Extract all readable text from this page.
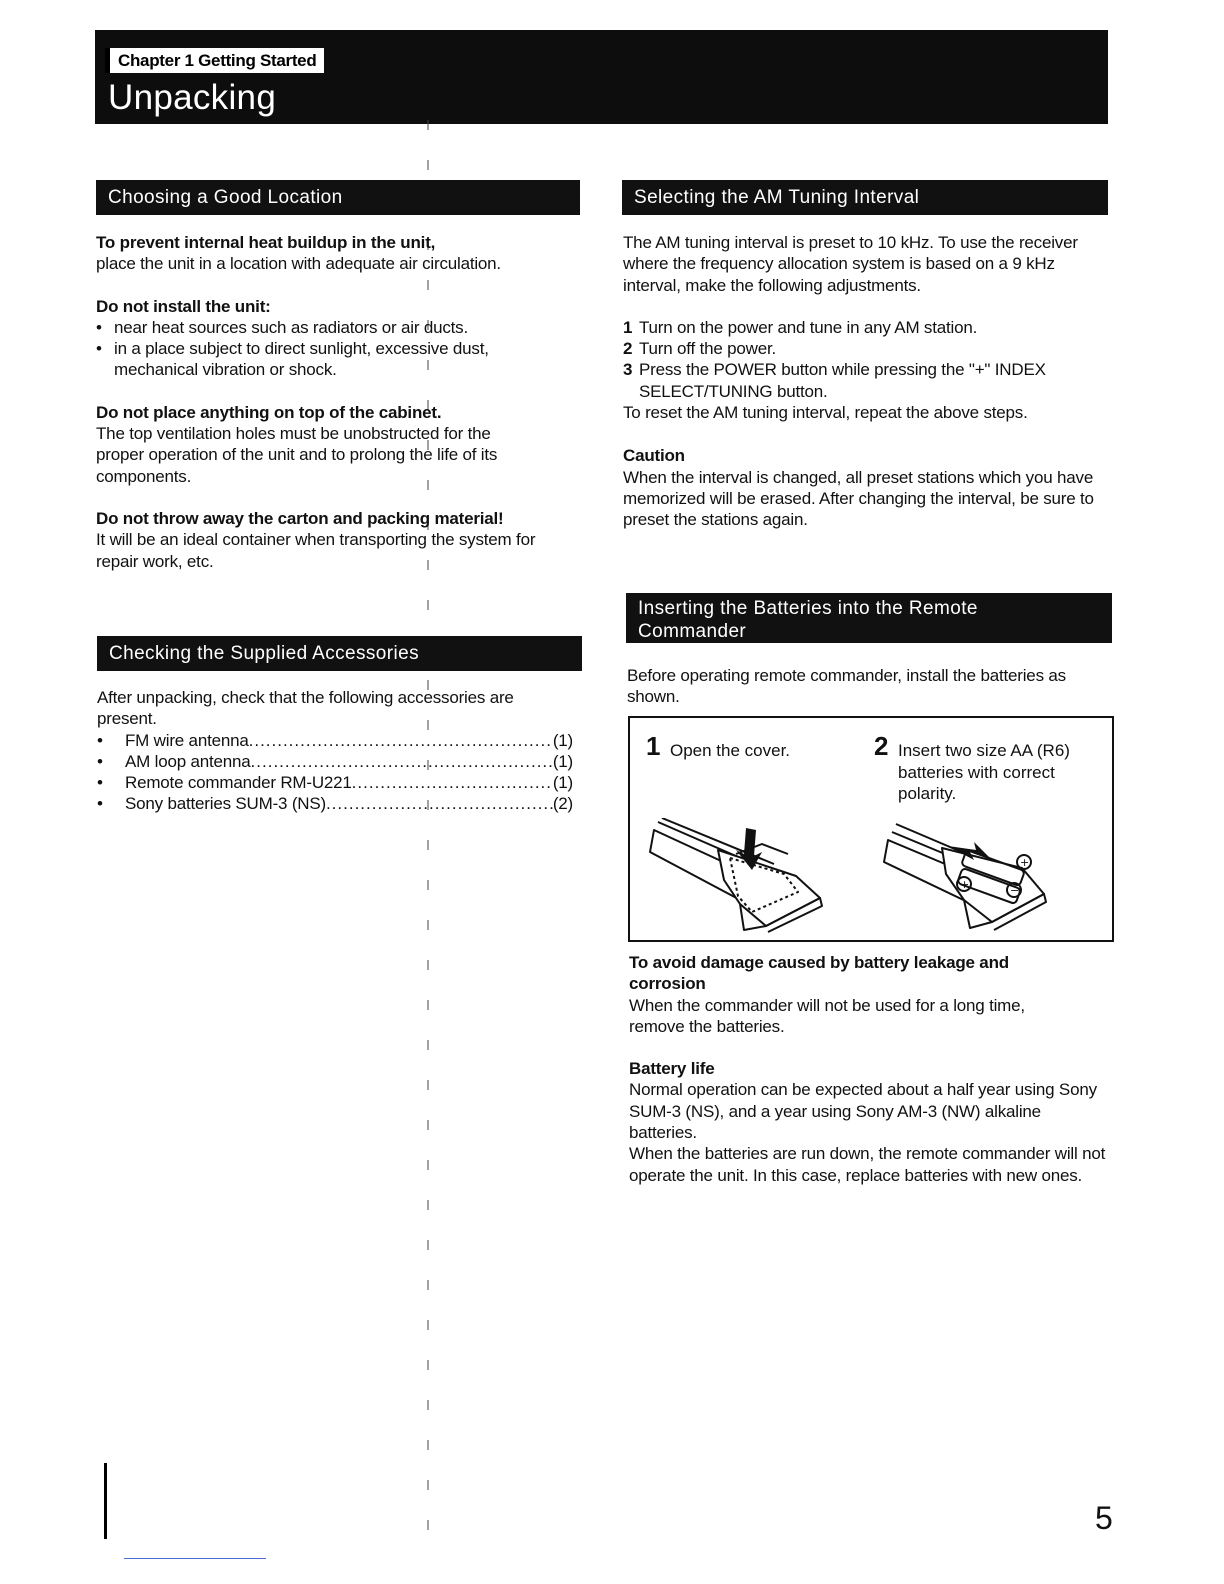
Chapter 1 Getting Started
Unpacking
Choosing a Good Location

To prevent internal heat buildup in the unit,

place the unit in a location with adequate air circulation.

Do not install the unit:

• near heat sources such as radiators or air ducts.
• in a place subject to direct sunlight, excessive dust, mechanical vibration or shock.

Do not place anything on top of the cabinet.

The top ventilation holes must be unobstructed for the proper operation of the unit and to prolong the life of its components.

Do not throw away the carton and packing material!

It will be an ideal container when transporting the system for repair work, etc.

Checking the Supplied Accessories

After unpacking, check that the following accessories are present.

•	FM wire antenna .....	(1)
•	AM loop antenna .....	(1)
•	Remote commander RM-U221 .....	(1)
•	Sony batteries SUM-3 (NS) .....	(2)
Selecting the AM Tuning Interval

The AM tuning interval is preset to 10 kHz. To use the receiver where the frequency allocation system is based on a 9 kHz interval, make the following adjustments.

1 Turn on the power and tune in any AM station.

2 Turn off the power.

3 Press the POWER button while pressing the "+" INDEX

SELECT/TUNING button.

To reset the AM tuning interval, repeat the above steps.

Caution

When the interval is changed, all preset stations which you have memorized will be erased. After changing the interval, be sure to preset the stations again.

Inserting the Batteries into the Remote
Commander

Before operating remote commander, install the batteries as shown.

1 Open the cover.	2 Insert two size AA (R6) batteries with correct polarity.
+
−
+

To avoid damage caused by battery leakage and corrosion

When the commander will not be used for a long time, remove the batteries.

Battery life

Normal operation can be expected about a half year using Sony SUM-3 (NS), and a year using Sony AM-3 (NW) alkaline batteries.

When the batteries are run down, the remote commander will not operate the unit. In this case, replace batteries with new ones.

5
